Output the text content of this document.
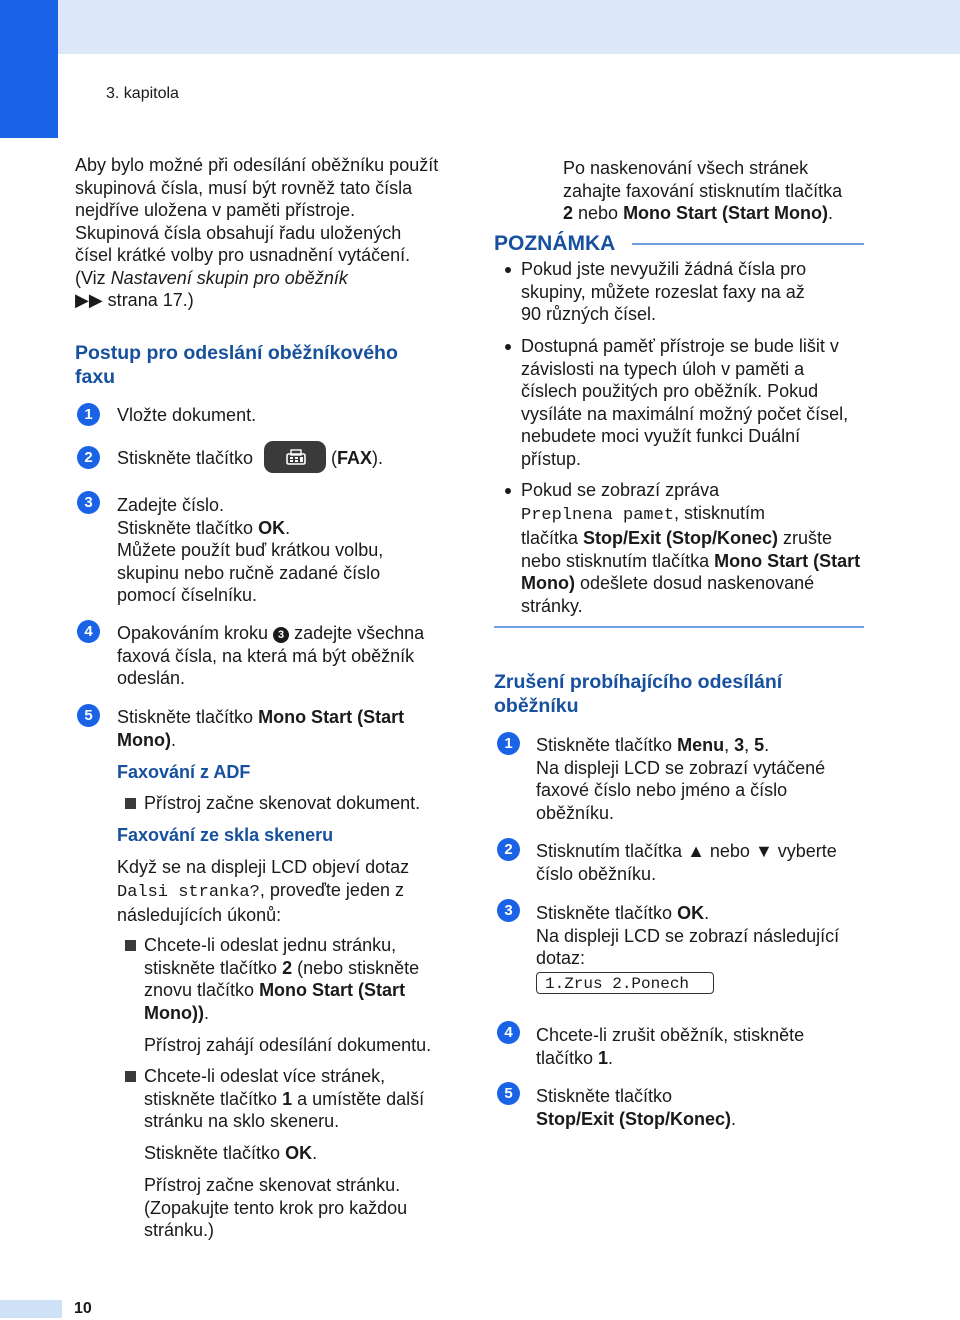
3. kapitola
Aby bylo možné při odesílání oběžníku použít
skupinová čísla, musí být rovněž tato čísla
nejdříve uložena v paměti přístroje.
Skupinová čísla obsahují řadu uložených
čísel krátké volby pro usnadnění vytáčení.
(Viz Nastavení skupin pro oběžník
▶▶ strana 17.)
Postup pro odeslání oběžníkového
faxu
1	Vložte dokument.
2	Stiskněte tlačítko	(FAX).
3	Zadejte číslo.
Stiskněte tlačítko OK.
Můžete použít buď krátkou volbu,
skupinu nebo ručně zadané číslo
pomocí číselníku.
4	Opakováním kroku 3 zadejte všechna
faxová čísla, na která má být oběžník
odeslán.
5	Stiskněte tlačítko Mono Start (Start
Mono).
Faxování z ADF
Přístroj začne skenovat dokument.
Faxování ze skla skeneru
Když se na displeji LCD objeví dotaz
Dalsi stranka?, proveďte jeden z
následujících úkonů:
Chcete-li odeslat jednu stránku,
stiskněte tlačítko 2 (nebo stiskněte
znovu tlačítko Mono Start (Start
Mono)).
Přístroj zahájí odesílání dokumentu.
Chcete-li odeslat více stránek,
stiskněte tlačítko 1 a umístěte další
stránku na sklo skeneru.
Stiskněte tlačítko OK.
Přístroj začne skenovat stránku.
(Zopakujte tento krok pro každou
stránku.)
Po naskenování všech stránek
zahajte faxování stisknutím tlačítka
2 nebo Mono Start (Start Mono).
POZNÁMKA
Pokud jste nevyužili žádná čísla pro
skupiny, můžete rozeslat faxy na až
90 různých čísel.
Dostupná paměť přístroje se bude lišit v
závislosti na typech úloh v paměti a
číslech použitých pro oběžník. Pokud
vysíláte na maximální možný počet čísel,
nebudete moci využít funkci Duální
přístup.
Pokud se zobrazí zpráva
Preplnena pamet, stisknutím
tlačítka Stop/Exit (Stop/Konec) zrušte
nebo stisknutím tlačítka Mono Start (Start
Mono) odešlete dosud naskenované
stránky.
Zrušení probíhajícího odesílání
oběžníku
1	Stiskněte tlačítko Menu, 3, 5.
Na displeji LCD se zobrazí vytáčené
faxové číslo nebo jméno a číslo
oběžníku.
2	Stisknutím tlačítka ▲ nebo ▼ vyberte
číslo oběžníku.
3	Stiskněte tlačítko OK.
Na displeji LCD se zobrazí následující
dotaz:
1.Zrus 2.Ponech
4	Chcete-li zrušit oběžník, stiskněte
tlačítko 1.
5	Stiskněte tlačítko
Stop/Exit (Stop/Konec).
10
